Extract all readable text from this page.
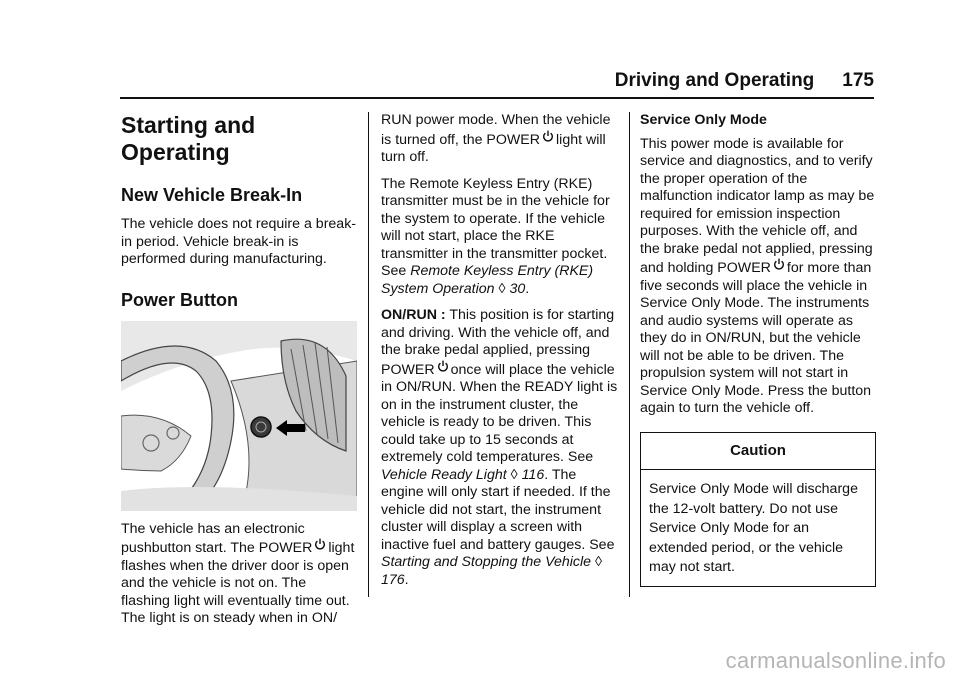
Driving and Operating 175
Starting and
Operating
New Vehicle Break-In

The vehicle does not require a break-in period. Vehicle break-in is performed during manufacturing.

Power Button

The vehicle has an electronic pushbutton start. The POWER light flashes when the driver door is open and the vehicle is not on. The flashing light will eventually time out. The light is on steady when in ON/

RUN power mode. When the vehicle is turned off, the POWER light will turn off.

The Remote Keyless Entry (RKE) transmitter must be in the vehicle for the system to operate. If the vehicle will not start, place the RKE transmitter in the transmitter pocket. See Remote Keyless Entry (RKE) System Operation ◊ 30.

ON/RUN : This position is for starting and driving. With the vehicle off, and the brake pedal applied, pressing POWER once will place the vehicle in ON/RUN. When the READY light is on in the instrument cluster, the vehicle is ready to be driven. This could take up to 15 seconds at extremely cold temperatures. See Vehicle Ready Light ◊ 116. The engine will only start if needed. If the vehicle did not start, the instrument cluster will display a screen with inactive fuel and battery gauges. See Starting and Stopping the Vehicle ◊ 176.

Service Only Mode

This power mode is available for service and diagnostics, and to verify the proper operation of the malfunction indicator lamp as may be required for emission inspection purposes. With the vehicle off, and the brake pedal not applied, pressing and holding POWER for more than five seconds will place the vehicle in Service Only Mode. The instruments and audio systems will operate as they do in ON/RUN, but the vehicle will not be able to be driven. The propulsion system will not start in Service Only Mode. Press the button again to turn the vehicle off.

Caution
Service Only Mode will discharge the 12-volt battery. Do not use Service Only Mode for an extended period, or the vehicle may not start.
carmanualsonline.info
